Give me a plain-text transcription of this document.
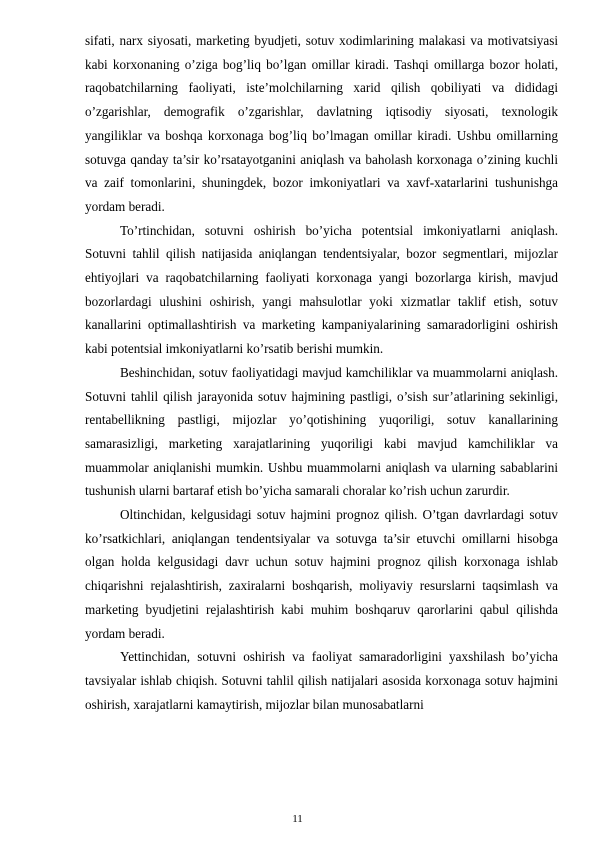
sifati, narx siyosati, marketing byudjeti, sotuv xodimlarining malakasi va motivatsiyasi kabi korxonaning o’ziga bog’liq bo’lgan omillar kiradi. Tashqi omillarga bozor holati, raqobatchilarning faoliyati, iste’molchilarning xarid qilish qobiliyati va dididagi o’zgarishlar, demografik o’zgarishlar, davlatning iqtisodiy siyosati, texnologik yangiliklar va boshqa korxonaga bog’liq bo’lmagan omillar kiradi. Ushbu omillarning sotuvga qanday ta’sir ko’rsatayotganini aniqlash va baholash korxonaga o’zining kuchli va zaif tomonlarini, shuningdek, bozor imkoniyatlari va xavf-xatarlarini tushunishga yordam beradi.

To’rtinchidan, sotuvni oshirish bo’yicha potentsial imkoniyatlarni aniqlash. Sotuvni tahlil qilish natijasida aniqlangan tendentsiyalar, bozor segmentlari, mijozlar ehtiyojlari va raqobatchilarning faoliyati korxonaga yangi bozorlarga kirish, mavjud bozorlardagi ulushini oshirish, yangi mahsulotlar yoki xizmatlar taklif etish, sotuv kanallarini optimallashtirish va marketing kampaniyalarining samaradorligini oshirish kabi potentsial imkoniyatlarni ko’rsatib berishi mumkin.

Beshinchidan, sotuv faoliyatidagi mavjud kamchiliklar va muammolarni aniqlash. Sotuvni tahlil qilish jarayonida sotuv hajmining pastligi, o’sish sur’atlarining sekinligi, rentabellikning pastligi, mijozlar yo’qotishining yuqoriligi, sotuv kanallarining samarasizligi, marketing xarajatlarining yuqoriligi kabi mavjud kamchiliklar va muammolar aniqlanishi mumkin. Ushbu muammolarni aniqlash va ularning sabablarini tushunish ularni bartaraf etish bo’yicha samarali choralar ko’rish uchun zarurdir.

Oltinchidan, kelgusidagi sotuv hajmini prognoz qilish. O’tgan davrlardagi sotuv ko’rsatkichlari, aniqlangan tendentsiyalar va sotuvga ta’sir etuvchi omillarni hisobga olgan holda kelgusidagi davr uchun sotuv hajmini prognoz qilish korxonaga ishlab chiqarishni rejalashtirish, zaxiralarni boshqarish, moliyaviy resurslarni taqsimlash va marketing byudjetini rejalashtirish kabi muhim boshqaruv qarorlarini qabul qilishda yordam beradi.

Yettinchidan, sotuvni oshirish va faoliyat samaradorligini yaxshilash bo’yicha tavsiyalar ishlab chiqish. Sotuvni tahlil qilish natijalari asosida korxonaga sotuv hajmini oshirish, xarajatlarni kamaytirish, mijozlar bilan munosabatlarni

11
